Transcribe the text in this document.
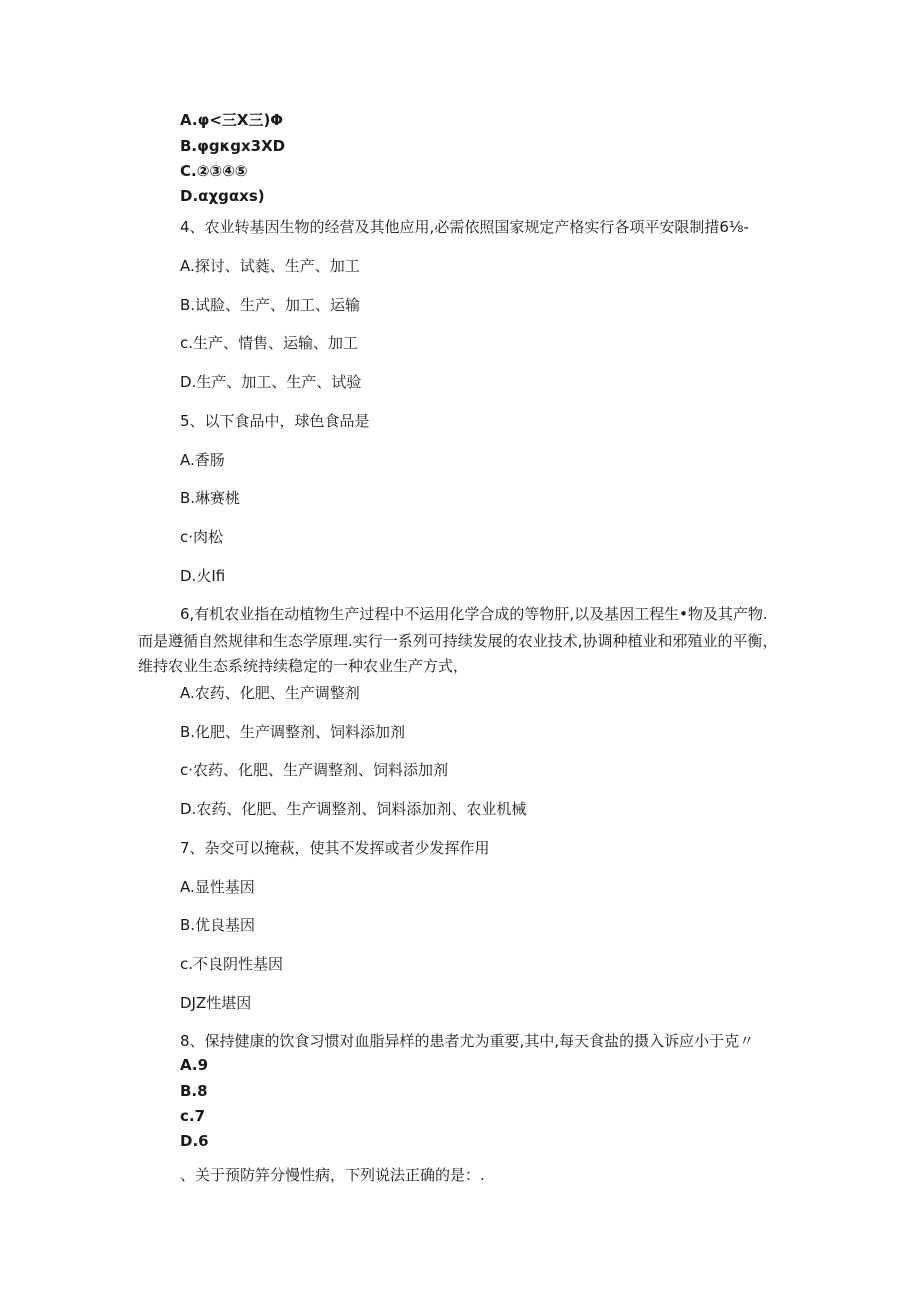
A.φ<三X三)Φ
B.φgκgx3XD
C.②③④⑤
D.αχgαxs)
4、农业转基因生物的经营及其他应用,必需依照国家规定产格实行各项平安限制措6⅛-
A.探讨、试蕤、生产、加工
B.试脸、生产、加工、运输
c.生产、情售、运输、加工
D.生产、加工、生产、试验
5、以下食品中，球色食品是
A.香肠
B.琳赛桃
c·肉松
D.火Ifi
6,有机农业指在动植物生产过程中不运用化学合成的等物肝,以及基因工程生•物及其产物.
而是遵循自然规律和生态学原理.实行一系列可持续发展的农业技术,协调种植业和邪殖业的平衡，
维持农业生态系统持续稳定的一种农业生产方式，
A.农药、化肥、生产调整剂
B.化肥、生产调整剂、饲料添加剂
c·农药、化肥、生产调整剂、饲料添加剂
D.农药、化肥、生产调整剂、饲料添加剂、农业机械
7、杂交可以掩萩，使其不发挥或者少发挥作用
A.显性基因
B.优良基因
c.不良阴性基因
DJZ性堪因
8、保持健康的饮食习惯对血脂异样的患者尤为重要,其中,每天食盐的摄入诉应小于克〃
A.9
B.8
c.7
D.6
、关于预防笄分慢性病，下列说法正确的是：.
